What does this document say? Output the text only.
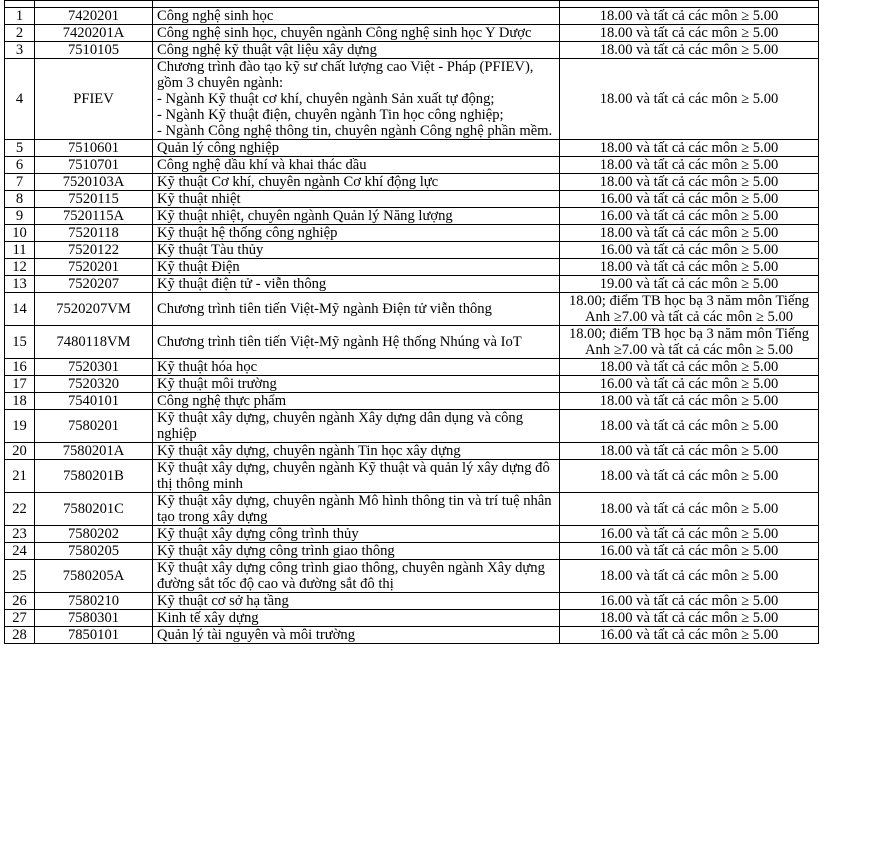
1	7420201	Công nghệ sinh học	18.00 và tất cả các môn ≥ 5.00
2	7420201A	Công nghệ sinh học, chuyên ngành Công nghệ sinh học Y Dược	18.00 và tất cả các môn ≥ 5.00
3	7510105	Công nghệ kỹ thuật vật liệu xây dựng	18.00 và tất cả các môn ≥ 5.00
4	PFIEV	Chương trình đào tạo kỹ sư chất lượng cao Việt - Pháp (PFIEV), gồm 3 chuyên ngành:
- Ngành Kỹ thuật cơ khí, chuyên ngành Sản xuất tự động;
- Ngành Kỹ thuật điện, chuyên ngành Tin học công nghiệp;
- Ngành Công nghệ thông tin, chuyên ngành Công nghệ phần mềm.	18.00 và tất cả các môn ≥ 5.00
5	7510601	Quản lý công nghiệp	18.00 và tất cả các môn ≥ 5.00
6	7510701	Công nghệ dầu khí và khai thác dầu	18.00 và tất cả các môn ≥ 5.00
7	7520103A	Kỹ thuật Cơ khí, chuyên ngành Cơ khí động lực	18.00 và tất cả các môn ≥ 5.00
8	7520115	Kỹ thuật nhiệt	16.00 và tất cả các môn ≥ 5.00
9	7520115A	Kỹ thuật nhiệt, chuyên ngành Quản lý Năng lượng	16.00 và tất cả các môn ≥ 5.00
10	7520118	Kỹ thuật hệ thống công nghiệp	18.00 và tất cả các môn ≥ 5.00
11	7520122	Kỹ thuật Tàu thủy	16.00 và tất cả các môn ≥ 5.00
12	7520201	Kỹ thuật Điện	18.00 và tất cả các môn ≥ 5.00
13	7520207	Kỹ thuật điện tử - viễn thông	19.00 và tất cả các môn ≥ 5.00
14	7520207VM	Chương trình tiên tiến Việt-Mỹ ngành Điện tử viễn thông	18.00; điểm TB học bạ 3 năm môn Tiếng Anh ≥7.00 và tất cả các môn ≥ 5.00
15	7480118VM	Chương trình tiên tiến Việt-Mỹ ngành Hệ thống Nhúng và IoT	18.00; điểm TB học bạ 3 năm môn Tiếng Anh ≥7.00 và tất cả các môn ≥ 5.00
16	7520301	Kỹ thuật hóa học	18.00 và tất cả các môn ≥ 5.00
17	7520320	Kỹ thuật môi trường	16.00 và tất cả các môn ≥ 5.00
18	7540101	Công nghệ thực phẩm	18.00 và tất cả các môn ≥ 5.00
19	7580201	Kỹ thuật xây dựng, chuyên ngành Xây dựng dân dụng và công nghiệp	18.00 và tất cả các môn ≥ 5.00
20	7580201A	Kỹ thuật xây dựng, chuyên ngành Tin học xây dựng	18.00 và tất cả các môn ≥ 5.00
21	7580201B	Kỹ thuật xây dựng, chuyên ngành Kỹ thuật và quản lý xây dựng đô thị thông minh	18.00 và tất cả các môn ≥ 5.00
22	7580201C	Kỹ thuật xây dựng, chuyên ngành Mô hình thông tin và trí tuệ nhân tạo trong xây dựng	18.00 và tất cả các môn ≥ 5.00
23	7580202	Kỹ thuật xây dựng công trình thủy	16.00 và tất cả các môn ≥ 5.00
24	7580205	Kỹ thuật xây dựng công trình giao thông	16.00 và tất cả các môn ≥ 5.00
25	7580205A	Kỹ thuật xây dựng công trình giao thông, chuyên ngành Xây dựng đường sắt tốc độ cao và đường sắt đô thị	18.00 và tất cả các môn ≥ 5.00
26	7580210	Kỹ thuật cơ sở hạ tầng	16.00 và tất cả các môn ≥ 5.00
27	7580301	Kinh tế xây dựng	18.00 và tất cả các môn ≥ 5.00
28	7850101	Quản lý tài nguyên và môi trường	16.00 và tất cả các môn ≥ 5.00
